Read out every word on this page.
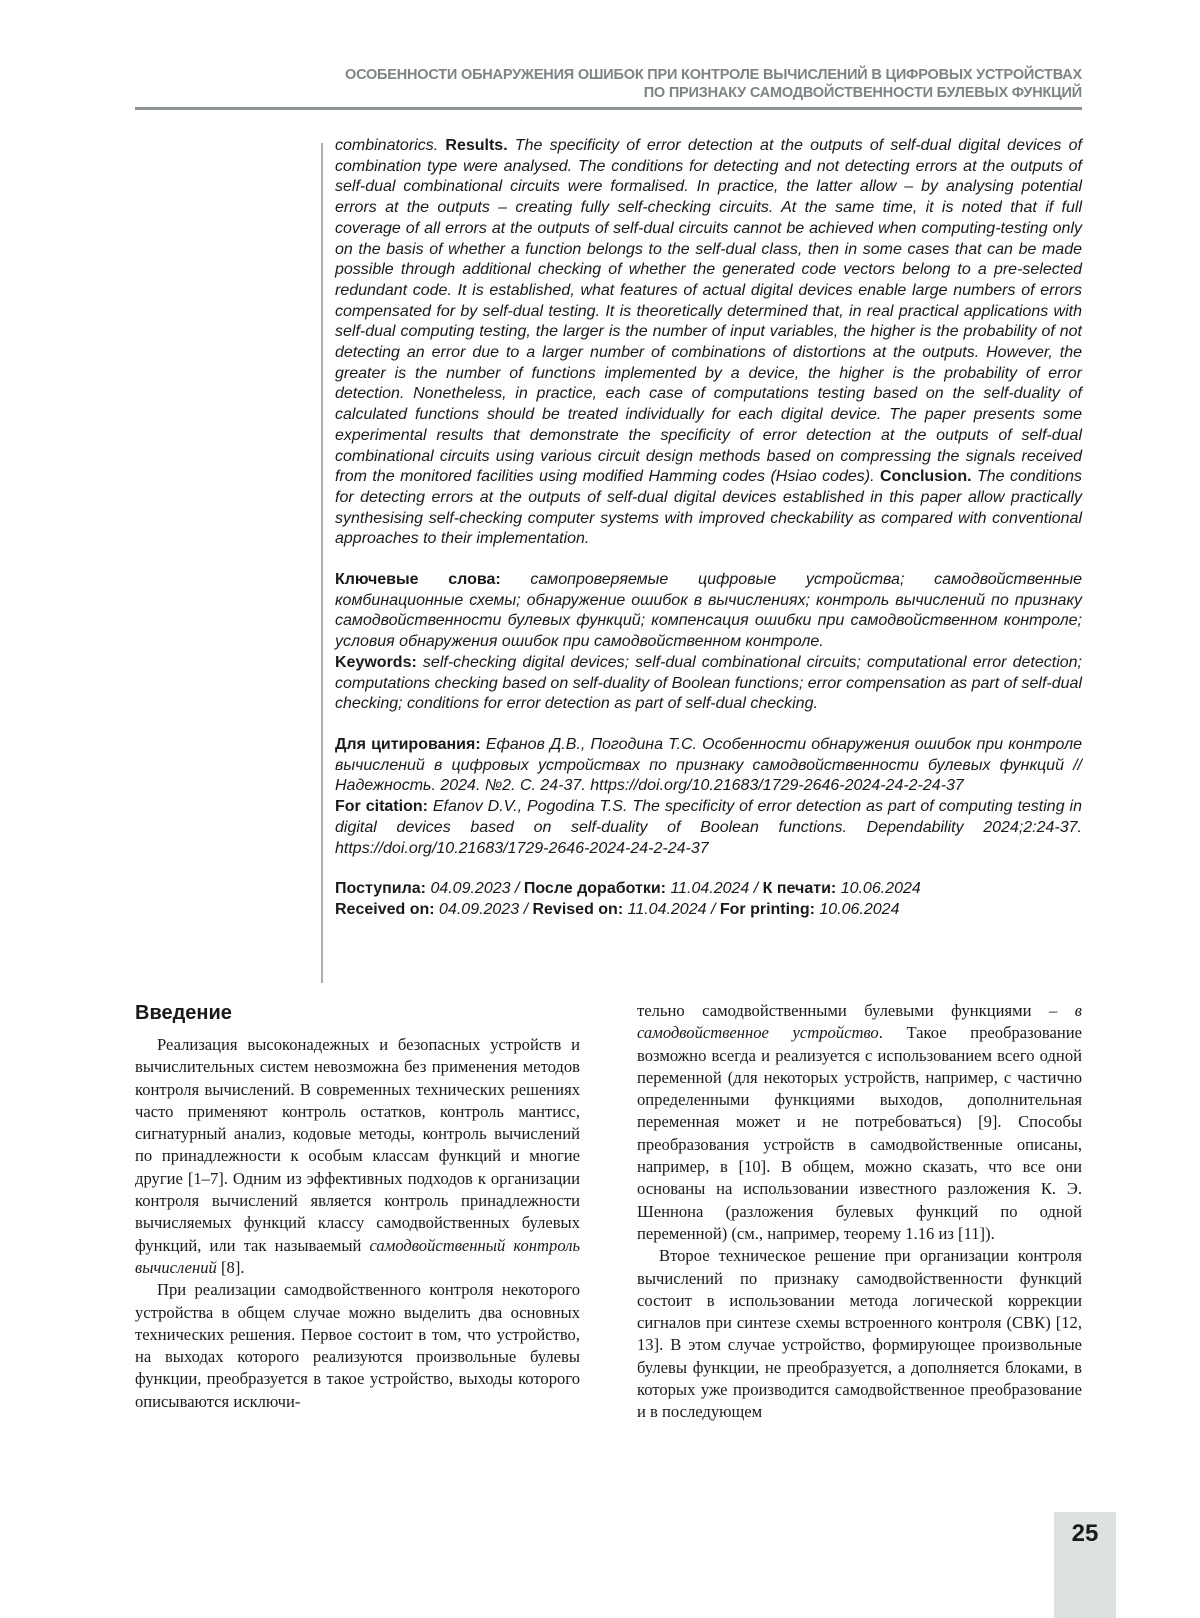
ОСОБЕННОСТИ ОБНАРУЖЕНИЯ ОШИБОК ПРИ КОНТРОЛЕ ВЫЧИСЛЕНИЙ В ЦИФРОВЫХ УСТРОЙСТВАХ
ПО ПРИЗНАКУ САМОДВОЙСТВЕННОСТИ БУЛЕВЫХ ФУНКЦИЙ

combinatorics. Results. The specificity of error detection at the outputs of self-dual digital devices of combination type were analysed. The conditions for detecting and not detecting errors at the outputs of self-dual combinational circuits were formalised. In practice, the latter allow – by analysing potential errors at the outputs – creating fully self-checking circuits. At the same time, it is noted that if full coverage of all errors at the outputs of self-dual circuits cannot be achieved when computing-testing only on the basis of whether a function belongs to the self-dual class, then in some cases that can be made possible through additional checking of whether the generated code vectors belong to a pre-selected redundant code. It is established, what features of actual digital devices enable large numbers of errors compensated for by self-dual testing. It is theoretically determined that, in real practical applications with self-dual computing testing, the larger is the number of input variables, the higher is the probability of not detecting an error due to a larger number of combinations of distortions at the outputs. However, the greater is the number of functions implemented by a device, the higher is the probability of error detection. Nonetheless, in practice, each case of computations testing based on the self-duality of calculated functions should be treated individually for each digital device. The paper presents some experimental results that demonstrate the specificity of error detection at the outputs of self-dual combinational circuits using various circuit design methods based on compressing the signals received from the monitored facilities using modified Hamming codes (Hsiao codes). Conclusion. The conditions for detecting errors at the outputs of self-dual digital devices established in this paper allow practically synthesising self-checking computer systems with improved checkability as compared with conventional approaches to their implementation.

Ключевые слова: самопроверяемые цифровые устройства; самодвойственные комбинационные схемы; обнаружение ошибок в вычислениях; контроль вычислений по признаку самодвойственности булевых функций; компенсация ошибки при самодвойственном контроле; условия обнаружения ошибок при самодвойственном контроле.

Keywords: self-checking digital devices; self-dual combinational circuits; computational error detection; computations checking based on self-duality of Boolean functions; error compensation as part of self-dual checking; conditions for error detection as part of self-dual checking.

Для цитирования: Ефанов Д.В., Погодина Т.С. Особенности обнаружения ошибок при контроле вычислений в цифровых устройствах по признаку самодвойственности булевых функций // Надежность. 2024. №2. С. 24-37. https://doi.org/10.21683/1729-2646-2024-24-2-24-37

For citation: Efanov D.V., Pogodina T.S. The specificity of error detection as part of computing testing in digital devices based on self-duality of Boolean functions. Dependability 2024;2:24-37. https://doi.org/10.21683/1729-2646-2024-24-2-24-37

Поступила: 04.09.2023 / После доработки: 11.04.2024 / К печати: 10.06.2024

Received on: 04.09.2023 / Revised on: 11.04.2024 / For printing: 10.06.2024

Введение

Реализация высоконадежных и безопасных устройств и вычислительных систем невозможна без применения методов контроля вычислений. В современных технических решениях часто применяют контроль остатков, контроль мантисс, сигнатурный анализ, кодовые методы, контроль вычислений по принадлежности к особым классам функций и многие другие [1–7]. Одним из эффективных подходов к организации контроля вычислений является контроль принадлежности вычисляемых функций классу самодвойственных булевых функций, или так называемый самодвойственный контроль вычислений [8].

При реализации самодвойственного контроля некоторого устройства в общем случае можно выделить два основных технических решения. Первое состоит в том, что устройство, на выходах которого реализуются произвольные булевы функции, преобразуется в такое устройство, выходы которого описываются исключи-

тельно самодвойственными булевыми функциями – в самодвойственное устройство. Такое преобразование возможно всегда и реализуется с использованием всего одной переменной (для некоторых устройств, например, с частично определенными функциями выходов, дополнительная переменная может и не потребоваться) [9]. Способы преобразования устройств в самодвойственные описаны, например, в [10]. В общем, можно сказать, что все они основаны на использовании известного разложения К. Э. Шеннона (разложения булевых функций по одной переменной) (см., например, теорему 1.16 из [11]).

Второе техническое решение при организации контроля вычислений по признаку самодвойственности функций состоит в использовании метода логической коррекции сигналов при синтезе схемы встроенного контроля (СВК) [12, 13]. В этом случае устройство, формирующее произвольные булевы функции, не преобразуется, а дополняется блоками, в которых уже производится самодвойственное преобразование и в последующем

25
